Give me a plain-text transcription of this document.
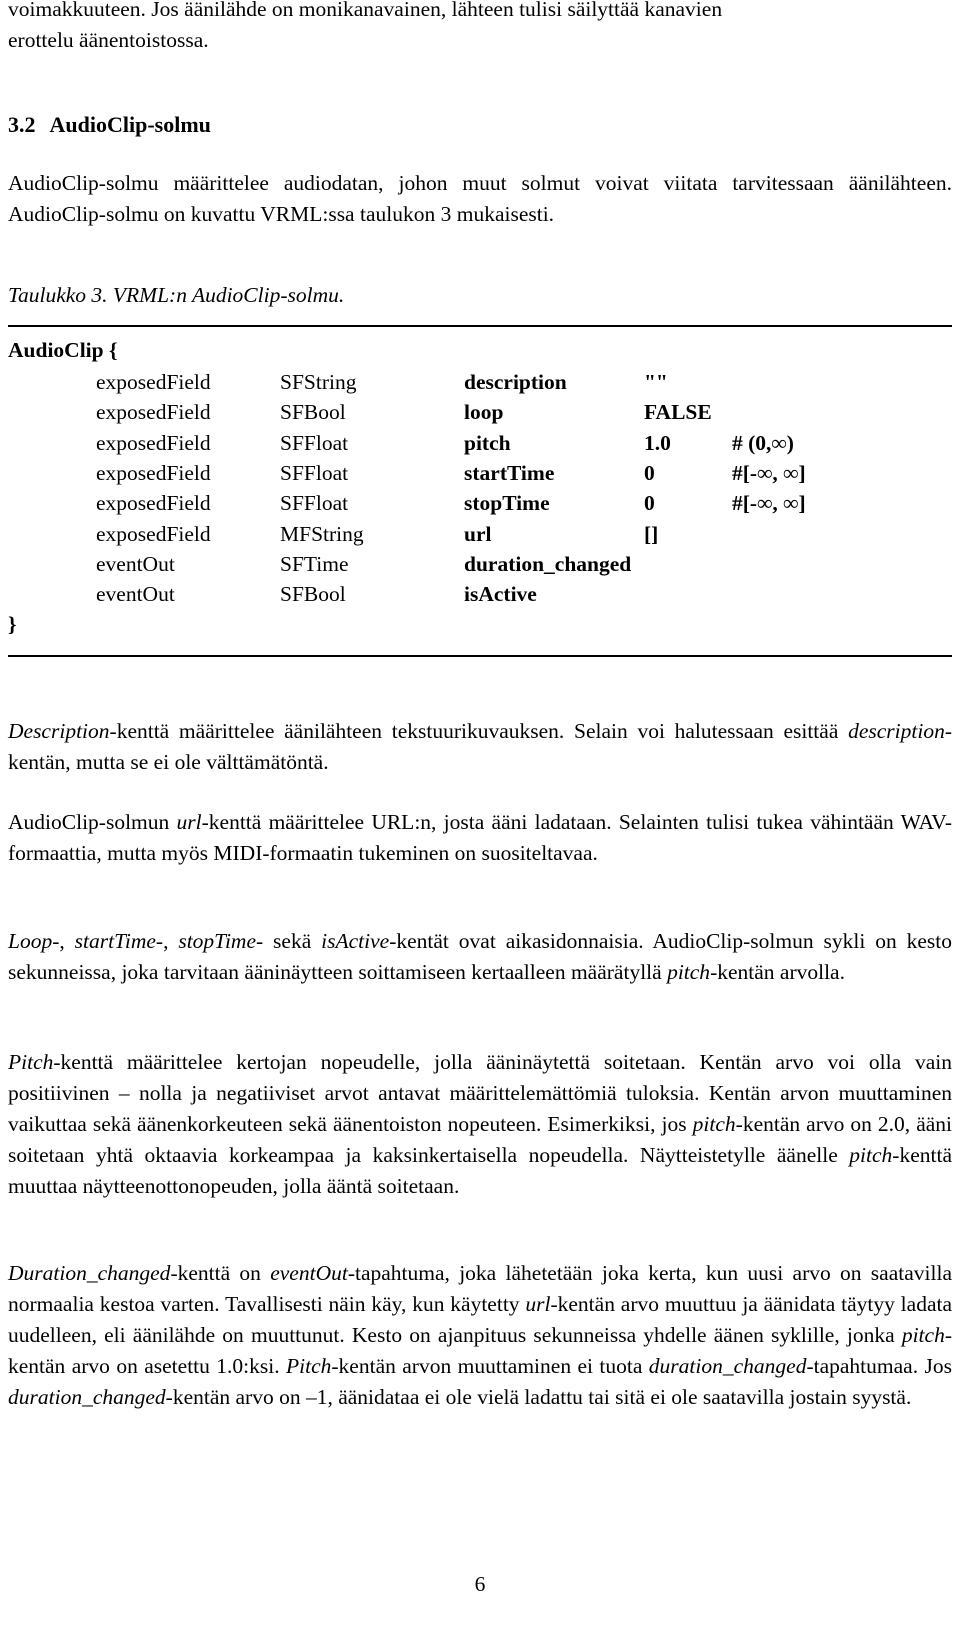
voimakkuuteen. Jos äänilähde on monikanavainen, lähteen tulisi säilyttää kanavien

erottelu äänentoistossa.

3.2 AudioClip-solmu

AudioClip-solmu määrittelee audiodatan, johon muut solmut voivat viitata tarvitessaan äänilähteen. AudioClip-solmu on kuvattu VRML:ssa taulukon 3 mukaisesti.

Taulukko 3. VRML:n AudioClip-solmu.
AudioClip {
exposedField	SFString	description	""
exposedField	SFBool	loop	FALSE
exposedField	SFFloat	pitch	1.0	# (0,∞)
exposedField	SFFloat	startTime	0	#[-∞, ∞]
exposedField	SFFloat	stopTime	0	#[-∞, ∞]
exposedField	MFString	url	[]
eventOut	SFTime	duration_changed
eventOut	SFBool	isActive
}

Description-kenttä määrittelee äänilähteen tekstuurikuvauksen. Selain voi halutessaan esittää description-kentän, mutta se ei ole välttämätöntä.

AudioClip-solmun url-kenttä määrittelee URL:n, josta ääni ladataan. Selainten tulisi tukea vähintään WAV-formaattia, mutta myös MIDI-formaatin tukeminen on suositeltavaa.

Loop-, startTime-, stopTime- sekä isActive-kentät ovat aikasidonnaisia. AudioClip-solmun sykli on kesto sekunneissa, joka tarvitaan ääninäytteen soittamiseen kertaalleen määrätyllä pitch-kentän arvolla.

Pitch-kenttä määrittelee kertojan nopeudelle, jolla ääninäytettä soitetaan. Kentän arvo voi olla vain positiivinen – nolla ja negatiiviset arvot antavat määrittelemättömiä tuloksia. Kentän arvon muuttaminen vaikuttaa sekä äänenkorkeuteen sekä äänentoiston nopeuteen. Esimerkiksi, jos pitch-kentän arvo on 2.0, ääni soitetaan yhtä oktaavia korkeampaa ja kaksinkertaisella nopeudella. Näytteistetylle äänelle pitch-kenttä muuttaa näytteenottonopeuden, jolla ääntä soitetaan.

Duration_changed-kenttä on eventOut-tapahtuma, joka lähetetään joka kerta, kun uusi arvo on saatavilla normaalia kestoa varten. Tavallisesti näin käy, kun käytetty url-kentän arvo muuttuu ja äänidata täytyy ladata uudelleen, eli äänilähde on muuttunut. Kesto on ajanpituus sekunneissa yhdelle äänen syklille, jonka pitch-kentän arvo on asetettu 1.0:ksi. Pitch-kentän arvon muuttaminen ei tuota duration_changed-tapahtumaa. Jos duration_changed-kentän arvo on –1, äänidataa ei ole vielä ladattu tai sitä ei ole saatavilla jostain syystä.

6
